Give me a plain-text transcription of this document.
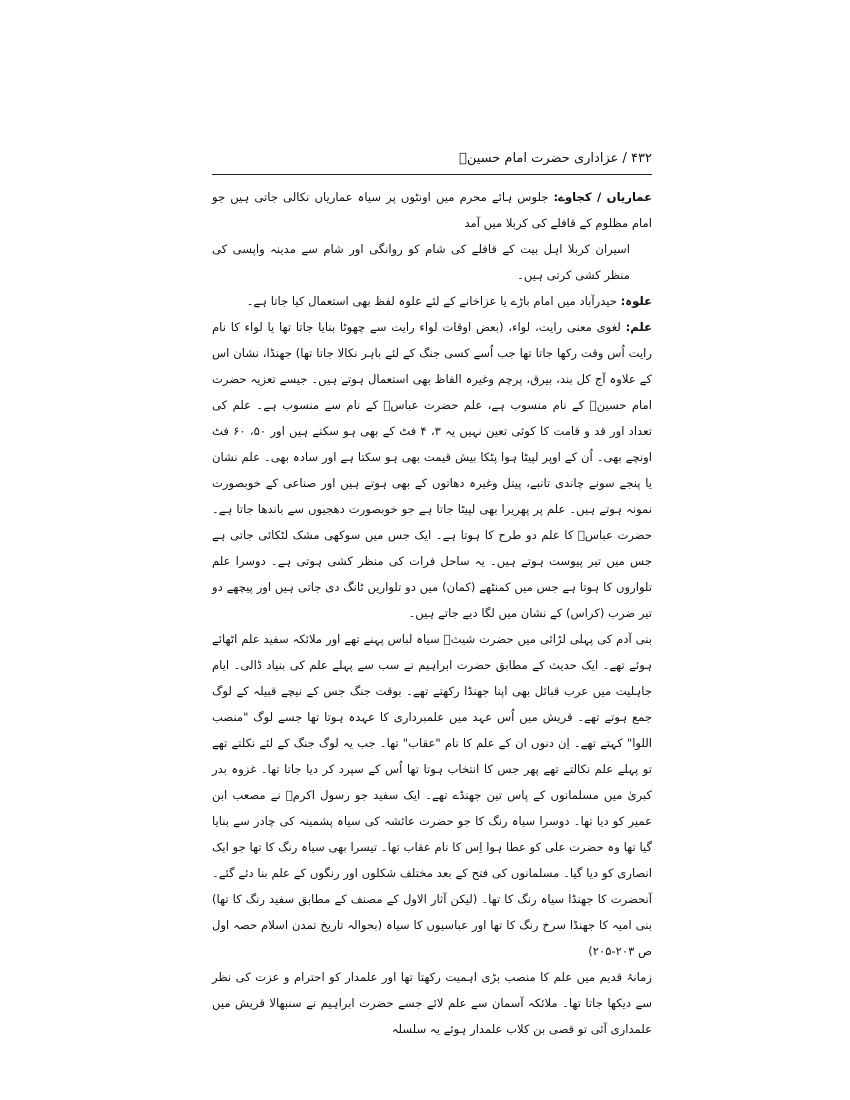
۴۳۲ / عزاداری حضرت امام حسینؑ

عماریاں / کجاوے: جلوس ہائے محرم میں اونٹوں پر سیاہ عماریاں نکالی جاتی ہیں جو امام مظلوم کے قافلے کی کربلا میں آمد

اسیران کربلا اہل بیت کے قافلے کی شام کو روانگی اور شام سے مدینہ واپسی کی منظر کشی کرتی ہیں۔

علوہ: حیدرآباد میں امام باڑے یا عزاخانے کے لئے علوہ لفظ بھی استعمال کیا جاتا ہے۔

علم: لغوی معنی رایت، لواء، (بعض اوقات لواء رایت سے چھوٹا بنایا جاتا تھا یا لواء کا نام رایت اُس وقت رکھا جاتا تھا جب اُسے کسی جنگ کے لئے باہر نکالا جاتا تھا) جھنڈا، نشان اس کے علاوہ آج کل بند، بیرق، پرچم وغیرہ الفاظ بھی استعمال ہوتے ہیں۔ جیسے تعزیہ حضرت امام حسینؑ کے نام منسوب ہے، علم حضرت عباسؑ کے نام سے منسوب ہے۔ علم کی تعداد اور قد و قامت کا کوئی تعین نہیں یہ ۳، ۴ فٹ کے بھی ہو سکتے ہیں اور ۵۰، ۶۰ فٹ اونچے بھی۔ اُن کے اوپر لپیٹا ہوا پٹکا بیش قیمت بھی ہو سکتا ہے اور سادہ بھی۔ علم نشان یا پنجے سونے چاندی تانبے، پیتل وغیرہ دھاتوں کے بھی ہوتے ہیں اور صناعی کے خوبصورت نمونہ ہوتے ہیں۔ علم پر پھریرا بھی لپیٹا جاتا ہے جو خوبصورت دھجیوں سے باندھا جاتا ہے۔ حضرت عباسؑ کا علم دو طرح کا ہوتا ہے۔ ایک جس میں سوکھی مشک لٹکائی جاتی ہے جس میں تیر پیوست ہوتے ہیں۔ یہ ساحل فرات کی منظر کشی ہوتی ہے۔ دوسرا علم تلواروں کا ہوتا ہے جس میں کمنٹھے (کمان) میں دو تلواریں ٹانگ دی جاتی ہیں اور پیچھے دو تیر ضرب (کراس) کے نشان میں لگا دیے جاتے ہیں۔

بنی آدم کی پہلی لڑائی میں حضرت شیثؑ سیاہ لباس پہنے تھے اور ملائکہ سفید علم اٹھائے ہوئے تھے۔ ایک حدیث کے مطابق حضرت ابراہیم نے سب سے پہلے علم کی بنیاد ڈالی۔ ایام جاہلیت میں عرب قبائل بھی اپنا جھنڈا رکھتے تھے۔ بوقت جنگ جس کے نیچے قبیلہ کے لوگ جمع ہوتے تھے۔ قریش میں اُس عہد میں علمبرداری کا عہدہ ہوتا تھا جسے لوگ "منصب اللوا" کہتے تھے۔ اِن دنوں ان کے علم کا نام "عقاب" تھا۔ جب یہ لوگ جنگ کے لئے نکلتے تھے تو پہلے علم نکالتے تھے پھر جس کا انتخاب ہوتا تھا اُس کے سپرد کر دیا جاتا تھا۔ غزوہ بدر کبریٰ میں مسلمانوں کے پاس تین جھنڈے تھے۔ ایک سفید جو رسول اکرمؐ نے مصعب ابن عمیر کو دیا تھا۔ دوسرا سیاہ رنگ کا جو حضرت عائشہ کی سیاہ پشمینہ کی چادر سے بنایا گیا تھا وہ حضرت علی کو عطا ہوا اِس کا نام عقاب تھا۔ تیسرا بھی سیاہ رنگ کا تھا جو ایک انصاری کو دیا گیا۔ مسلمانوں کی فتح کے بعد مختلف شکلوں اور رنگوں کے علم بنا دئے گئے۔ آنحضرت کا جھنڈا سیاہ رنگ کا تھا۔ (لیکن آثار الاول کے مصنف کے مطابق سفید رنگ کا تھا) بنی امیہ کا جھنڈا سرخ رنگ کا تھا اور عباسیوں کا سیاہ (بحوالہ تاریخ تمدن اسلام حصہ اول ص ۲۰۳-۲۰۵)

زمانۂ قدیم میں علم کا منصب بڑی اہمیت رکھتا تھا اور علمدار کو احترام و عزت کی نظر سے دیکھا جاتا تھا۔ ملائکہ آسمان سے علم لائے جسے حضرت ابراہیم نے سنبھالا قریش میں علمداری آئی تو قصی بن کلاب علمدار ہوئے یہ سلسلہ
